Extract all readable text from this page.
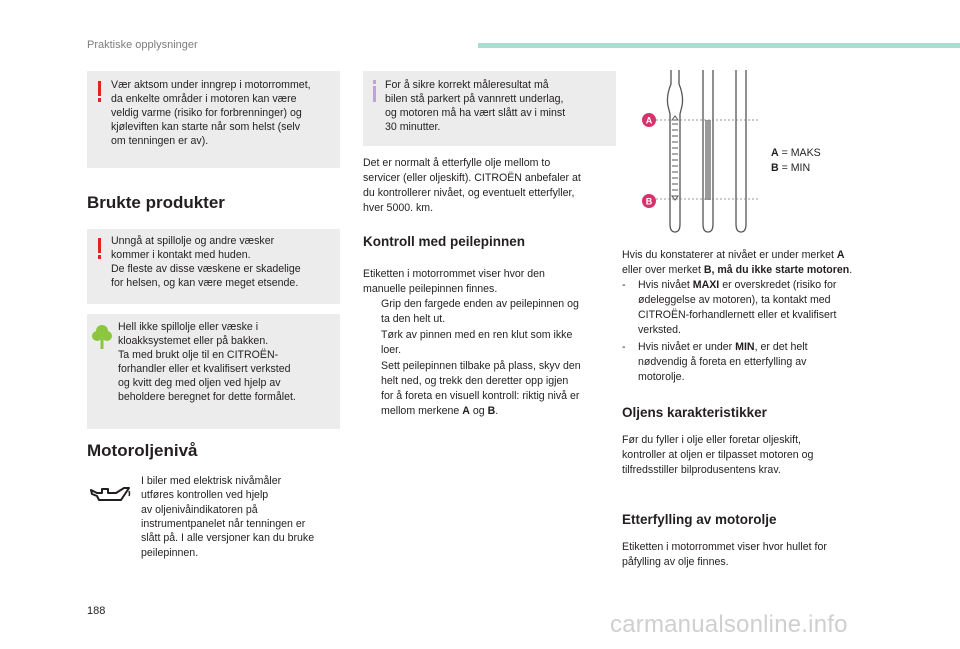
Praktiske opplysninger

Vær aktsom under inngrep i motorrommet,

da enkelte områder i motoren kan være

veldig varme (risiko for forbrenninger) og

kjøleviften kan starte når som helst (selv

om tenningen er av).

Brukte produkter

Unngå at spillolje og andre væsker

kommer i kontakt med huden.

De fleste av disse væskene er skadelige

for helsen, og kan være meget etsende.

Hell ikke spillolje eller væske i

kloakksystemet eller på bakken.

Ta med brukt olje til en CITROËN-

forhandler eller et kvalifisert verksted

og kvitt deg med oljen ved hjelp av

beholdere beregnet for dette formålet.

Motoroljenivå
I biler med elektrisk nivåmåler
utføres kontrollen ved hjelp
av oljenivåindikatoren på
instrumentpanelet når tenningen er
slått på. I alle versjoner kan du bruke
peilepinnen.

For å sikre korrekt måleresultat må

bilen stå parkert på vannrett underlag,

og motoren må ha vært slått av i minst

30 minutter.

Det er normalt å etterfylle olje mellom to
servicer (eller oljeskift). CITROËN anbefaler at
du kontrollerer nivået, og eventuelt etterfyller,
hver 5000. km.
Kontroll med peilepinnen
Etiketten i motorrommet viser hvor den
manuelle peilepinnen finnes.
Grip den fargede enden av peilepinnen og
ta den helt ut.
Tørk av pinnen med en ren klut som ikke
loer.
Sett peilepinnen tilbake på plass, skyv den
helt ned, og trekk den deretter opp igjen
for å foreta en visuell kontroll: riktig nivå er
mellom merkene A og B.
A
B
A = MAKS
B = MIN
Hvis du konstaterer at nivået er under merket A
eller over merket B, må du ikke starte motoren.
- Hvis nivået MAXI er overskredet (risiko for
ødeleggelse av motoren), ta kontakt med
CITROËN-forhandlernett eller et kvalifisert
verksted.
- Hvis nivået er under MIN, er det helt
nødvendig å foreta en etterfylling av
motorolje.
Oljens karakteristikker
Før du fyller i olje eller foretar oljeskift,
kontroller at oljen er tilpasset motoren og
tilfredsstiller bilprodusentens krav.
Etterfylling av motorolje
Etiketten i motorrommet viser hvor hullet for
påfylling av olje finnes.
188	carmanualsonline.info
